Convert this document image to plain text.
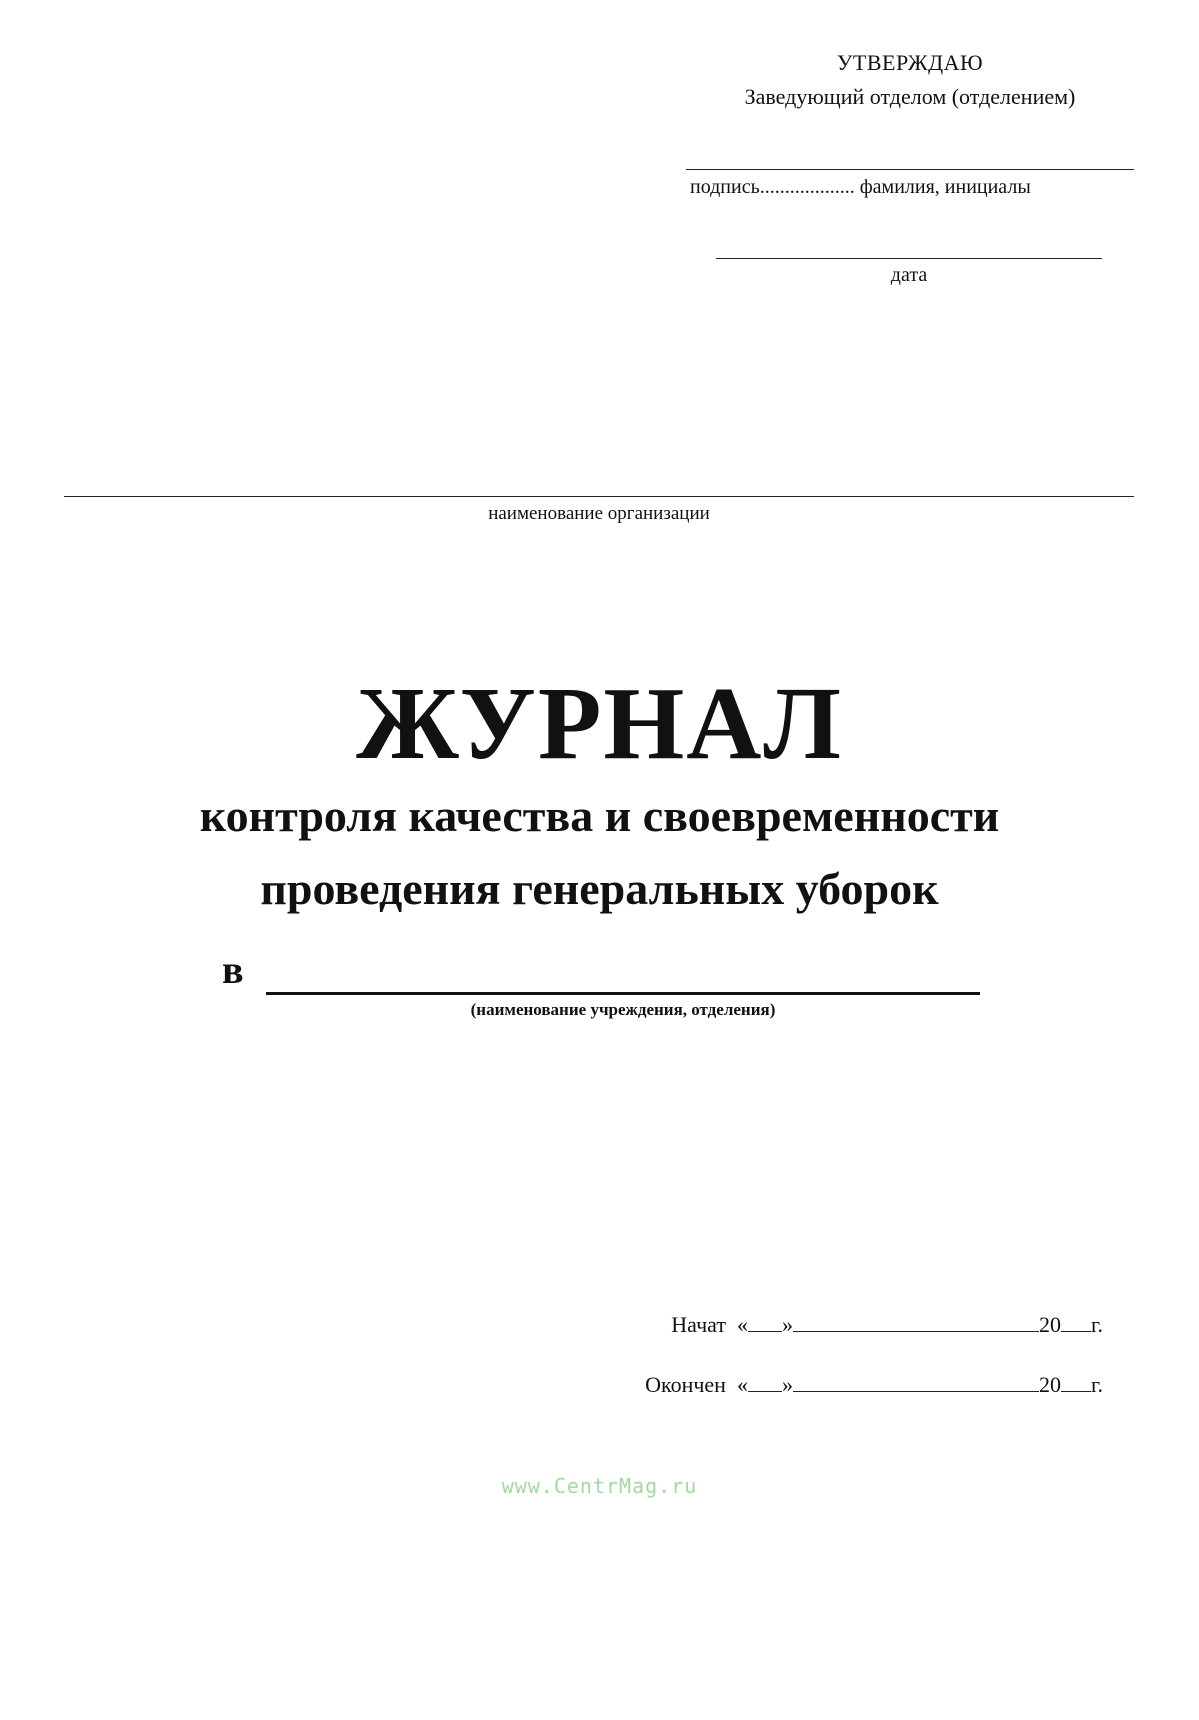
УТВЕРЖДАЮ
Заведующий отделом (отделением)
подпись................... фамилия, инициалы
дата
наименование организации
ЖУРНАЛ
контроля качества и своевременности
проведения генеральных уборок
в
(наименование учреждения, отделения)
Начат « »	20 г.
Окончен « »	20 г.
www.CentrMag.ru
